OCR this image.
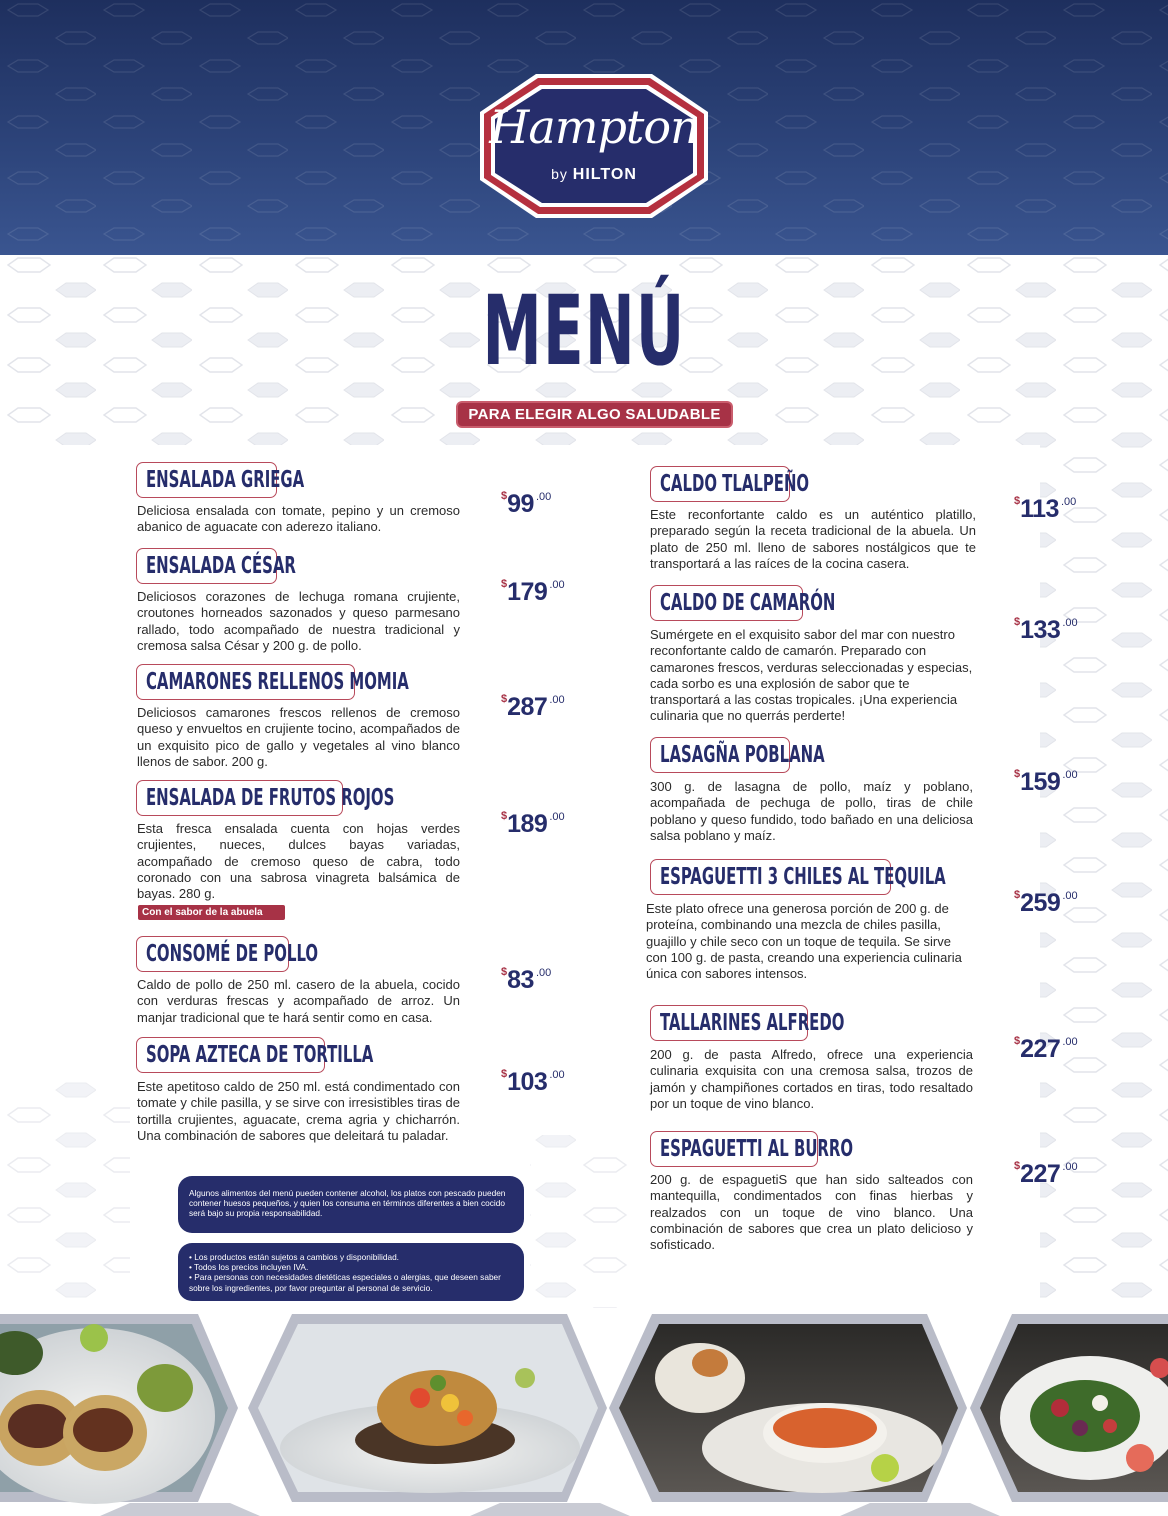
Hampton
by HILTON
MENÚ
PARA ELEGIR ALGO SALUDABLE
ENSALADA GRIEGA
Deliciosa ensalada con tomate, pepino y un cremoso abanico de aguacate con aderezo italiano.
$99 $^{.00}$
ENSALADA CÉSAR
Deliciosos corazones de lechuga romana crujiente, croutones horneados sazonados y queso parmesano rallado, todo acompañado de nuestra tradicional y cremosa salsa César y 200 g. de pollo.
$179 $^{.00}$
CAMARONES RELLENOS MOMIA
Deliciosos camarones frescos rellenos de cremoso queso y envueltos en crujiente tocino, acompañados de un exquisito pico de gallo y vegetales al vino blanco llenos de sabor. 200 g.
$287 $^{.00}$
ENSALADA DE FRUTOS ROJOS
Esta fresca ensalada cuenta con hojas verdes crujientes, nueces, dulces bayas variadas, acompañado de cremoso queso de cabra, todo coronado con una sabrosa vinagreta balsámica de bayas. 280 g.
$189 $^{.00}$
Con el sabor de la abuela
CONSOMÉ DE POLLO
Caldo de pollo de 250 ml. casero de la abuela, cocido con verduras frescas y acompañado de arroz. Un manjar tradicional que te hará sentir como en casa.
$83 $^{.00}$
SOPA AZTECA DE TORTILLA
Este apetitoso caldo de 250 ml. está condimentado con tomate y chile pasilla, y se sirve con irresistibles tiras de tortilla crujientes, aguacate, crema agria y chicharrón. Una combinación de sabores que deleitará tu paladar.
$103 $^{.00}$
CALDO TLALPEÑO
Este reconfortante caldo es un auténtico platillo, preparado según la receta tradicional de la abuela. Un plato de 250 ml. lleno de sabores nostálgicos que te transportará a las raíces de la cocina casera.
$113 $^{.00}$
CALDO DE CAMARÓN
Sumérgete en el exquisito sabor del mar con nuestro reconfortante caldo de camarón. Preparado con camarones frescos, verduras seleccionadas y especias, cada sorbo es una explosión de sabor que te transportará a las costas tropicales. ¡Una experiencia culinaria que no querrás perderte!
$133 $^{.00}$
LASAGÑA POBLANA
300 g. de lasagna de pollo, maíz y poblano, acompañada de pechuga de pollo, tiras de chile poblano y queso fundido, todo bañado en una deliciosa salsa poblano y maíz.
$159 $^{.00}$
ESPAGUETTI 3 CHILES AL TEQUILA
Este plato ofrece una generosa porción de 200 g. de proteína, combinando una mezcla de chiles pasilla, guajillo y chile seco con un toque de tequila. Se sirve con 100 g. de pasta, creando una experiencia culinaria única con sabores intensos.
$259 $^{.00}$
TALLARINES ALFREDO
200 g. de pasta Alfredo, ofrece una experiencia culinaria exquisita con una cremosa salsa, trozos de jamón y champiñones cortados en tiras, todo resaltado por un toque de vino blanco.
$227 $^{.00}$
ESPAGUETTI AL BURRO
200 g. de espaguetiS que han sido salteados con mantequilla, condimentados con finas hierbas y realzados con un toque de vino blanco. Una combinación de sabores que crea un plato delicioso y sofisticado.
$227 $^{.00}$
Algunos alimentos del menú pueden contener alcohol, los platos con pescado pueden contener huesos pequeños, y quien los consuma en términos diferentes a bien cocido será bajo su propia responsabilidad.
• Los productos están sujetos a cambios y disponibilidad.
• Todos los precios incluyen IVA.
• Para personas con necesidades dietéticas especiales o alergias, que deseen saber sobre los ingredientes, por favor preguntar al personal de servicio.
